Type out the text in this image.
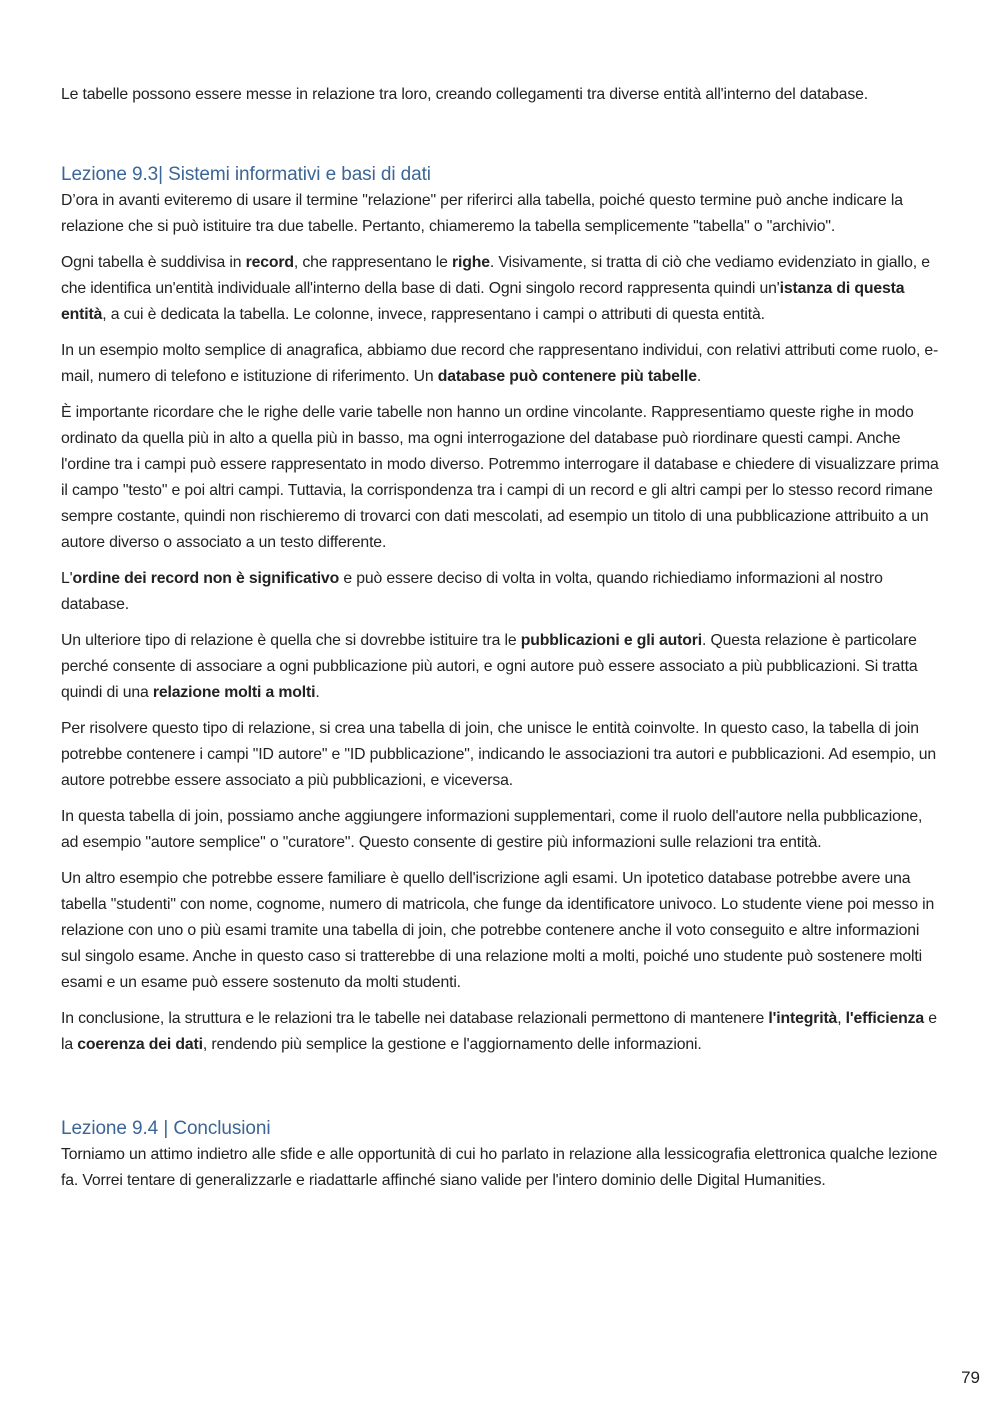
Le tabelle possono essere messe in relazione tra loro, creando collegamenti tra diverse entità all'interno del database.

Lezione 9.3| Sistemi informativi e basi di dati

D’ora in avanti eviteremo di usare il termine "relazione" per riferirci alla tabella, poiché questo termine può anche indicare la relazione che si può istituire tra due tabelle. Pertanto, chiameremo la tabella semplicemente "tabella" o "archivio".

Ogni tabella è suddivisa in record, che rappresentano le righe. Visivamente, si tratta di ciò che vediamo evidenziato in giallo, e che identifica un'entità individuale all'interno della base di dati. Ogni singolo record rappresenta quindi un'istanza di questa entità, a cui è dedicata la tabella. Le colonne, invece, rappresentano i campi o attributi di questa entità.

In un esempio molto semplice di anagrafica, abbiamo due record che rappresentano individui, con relativi attributi come ruolo, e-mail, numero di telefono e istituzione di riferimento. Un database può contenere più tabelle.

È importante ricordare che le righe delle varie tabelle non hanno un ordine vincolante. Rappresentiamo queste righe in modo ordinato da quella più in alto a quella più in basso, ma ogni interrogazione del database può riordinare questi campi. Anche l'ordine tra i campi può essere rappresentato in modo diverso. Potremmo interrogare il database e chiedere di visualizzare prima il campo "testo" e poi altri campi. Tuttavia, la corrispondenza tra i campi di un record e gli altri campi per lo stesso record rimane sempre costante, quindi non rischieremo di trovarci con dati mescolati, ad esempio un titolo di una pubblicazione attribuito a un autore diverso o associato a un testo differente.

L'ordine dei record non è significativo e può essere deciso di volta in volta, quando richiediamo informazioni al nostro database.

Un ulteriore tipo di relazione è quella che si dovrebbe istituire tra le pubblicazioni e gli autori. Questa relazione è particolare perché consente di associare a ogni pubblicazione più autori, e ogni autore può essere associato a più pubblicazioni. Si tratta quindi di una relazione molti a molti.

Per risolvere questo tipo di relazione, si crea una tabella di join, che unisce le entità coinvolte. In questo caso, la tabella di join potrebbe contenere i campi "ID autore" e "ID pubblicazione", indicando le associazioni tra autori e pubblicazioni. Ad esempio, un autore potrebbe essere associato a più pubblicazioni, e viceversa.

In questa tabella di join, possiamo anche aggiungere informazioni supplementari, come il ruolo dell'autore nella pubblicazione, ad esempio "autore semplice" o "curatore". Questo consente di gestire più informazioni sulle relazioni tra entità.

Un altro esempio che potrebbe essere familiare è quello dell'iscrizione agli esami. Un ipotetico database potrebbe avere una tabella "studenti" con nome, cognome, numero di matricola, che funge da identificatore univoco. Lo studente viene poi messo in relazione con uno o più esami tramite una tabella di join, che potrebbe contenere anche il voto conseguito e altre informazioni sul singolo esame. Anche in questo caso si tratterebbe di una relazione molti a molti, poiché uno studente può sostenere molti esami e un esame può essere sostenuto da molti studenti.

In conclusione, la struttura e le relazioni tra le tabelle nei database relazionali permettono di mantenere l'integrità, l'efficienza e la coerenza dei dati, rendendo più semplice la gestione e l'aggiornamento delle informazioni.

Lezione 9.4 | Conclusioni

Torniamo un attimo indietro alle sfide e alle opportunità di cui ho parlato in relazione alla lessicografia elettronica qualche lezione fa. Vorrei tentare di generalizzarle e riadattarle affinché siano valide per l'intero dominio delle Digital Humanities.

79
